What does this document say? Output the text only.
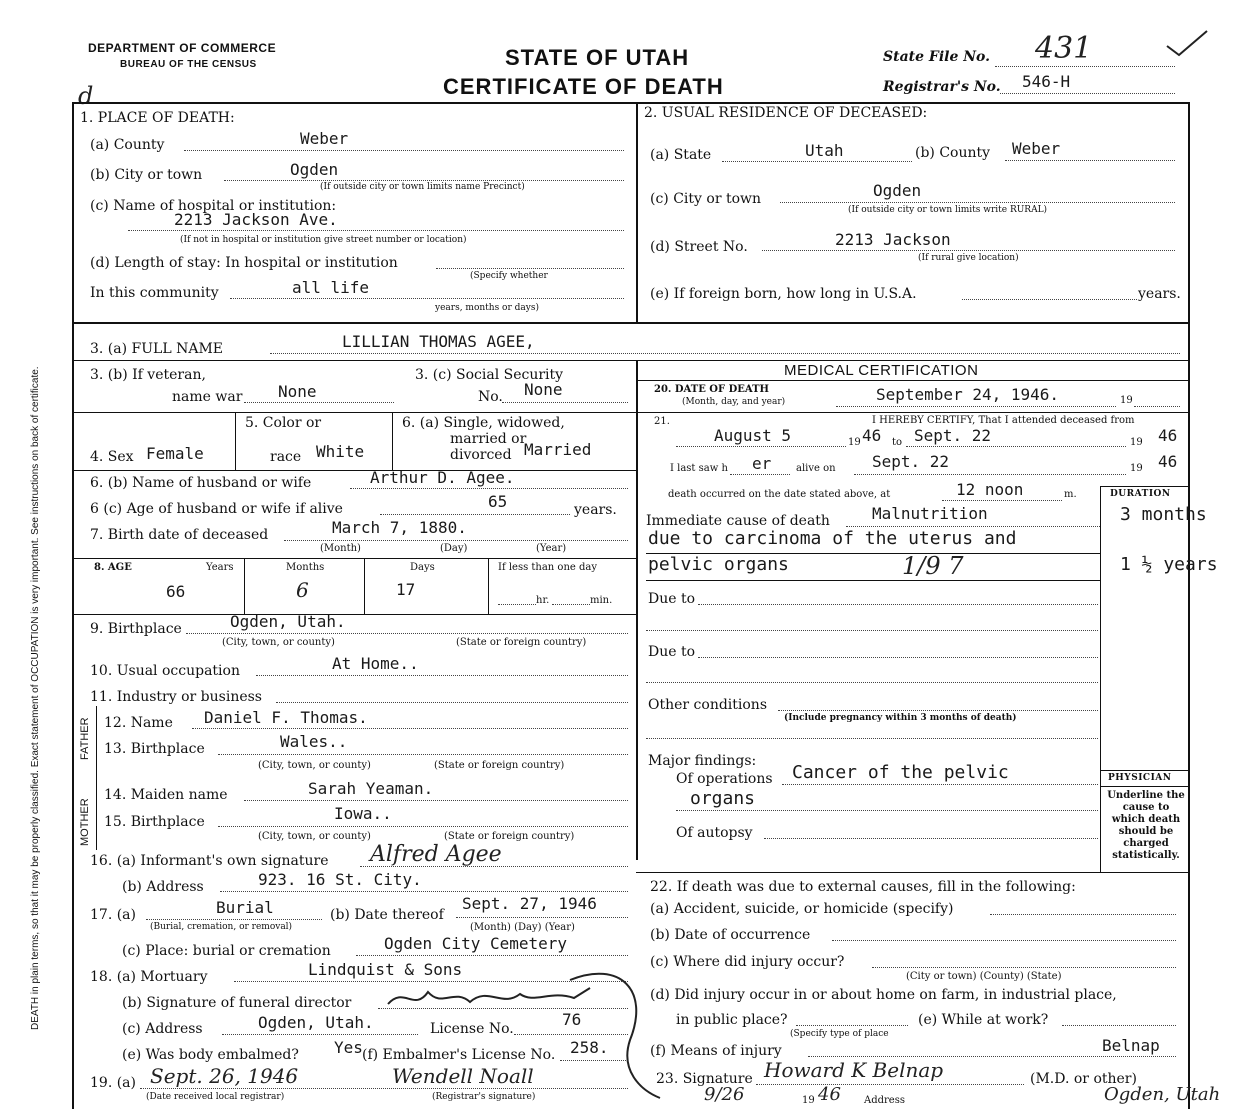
DEPARTMENT OF COMMERCE
BUREAU OF THE CENSUS	STATE OF UTAH
CERTIFICATE OF DEATH
State File No. 431
Registrar's No. 546-H
d
DEATH in plain terms, so that it may be properly classified. Exact statement of OCCUPATION is very important. See instructions on back of certificate.
1. PLACE OF DEATH:
(a) County	Weber
(b) City or town	Ogden
(If outside city or town limits name Precinct)
(c) Name of hospital or institution:
2213 Jackson Ave.
(If not in hospital or institution give street number or location)
(d) Length of stay: In hospital or institution
(Specify whether
In this community	all life
years, months or days)
2. USUAL RESIDENCE OF DECEASED:
(a) State	Utah	(b) County Weber
(c) City or town	Ogden
(If outside city or town limits write RURAL)
(d) Street No.	2213 Jackson
(If rural give location)
(e) If foreign born, how long in U.S.A.	years.
3. (a) FULL NAME	LILLIAN THOMAS AGEE,
3. (b) If veteran,
name war None
3. (c) Social Security
No. None
5. Color or
race White
6. (a) Single, widowed,
married or
divorced Married
4. Sex Female
6. (b) Name of husband or wife	Arthur D. Agee.
6 (c) Age of husband or wife if alive	65	years.
7. Birth date of deceased	March 7, 1880.
(Month)	(Day)	(Year)
8. AGE	Years	Months	Days	If less than one day
66	6	17
hr.	min.
9. Birthplace	Ogden, Utah.
(City, town, or county)	(State or foreign country)
10. Usual occupation	At Home..
11. Industry or business
FATHER
MOTHER
12. Name Daniel F. Thomas.
13. Birthplace	Wales..
(City, town, or county)	(State or foreign country)
14. Maiden name	Sarah Yeaman.
15. Birthplace	Iowa..
(City, town, or county)	(State or foreign country)
16. (a) Informant's own signature Alfred Agee
(b) Address	923. 16 St. City.
17. (a)	Burial
(Burial, cremation, or removal)
(b) Date thereof
Sept. 27, 1946
(Month) (Day) (Year)
(c) Place: burial or cremation	Ogden City Cemetery
18. (a) Mortuary	Lindquist & Sons
(b) Signature of funeral director
(c) Address	Ogden, Utah.	License No.	76
(e) Was body embalmed? Yes (f) Embalmer's License No. 258.
19. (a) Sept. 26, 1946	Wendell Noall
(Date received local registrar)	(Registrar's signature)
MEDICAL CERTIFICATION
20. DATE OF DEATH
(Month, day, and year)	September 24, 1946.	19
21.	I HEREBY CERTIFY, That I attended deceased from
August 5	19 46 to Sept. 22	19 46
I last saw h er alive on Sept. 22	19 46
death occurred on the date stated above, at	12 noon	m.	DURATION
Immediate cause of death	Malnutrition	3 months
due to carcinoma of the uterus and
pelvic organs	1/9 7	1 ½ years
Due to
Due to
Other conditions
(Include pregnancy within 3 months of death)
Major findings:
Of operations Cancer of the pelvic
organs
Of autopsy
PHYSICIAN
Underline the cause to which death should be charged statistically.
22. If death was due to external causes, fill in the following:
(a) Accident, suicide, or homicide (specify)
(b) Date of occurrence
(c) Where did injury occur?
(City or town) (County) (State)
(d) Did injury occur in or about home on farm, in industrial place,
in public place?
(Specify type of place
(e) While at work?
(f) Means of injury	Belnap
23. Signature Howard K Belnap	(M.D. or other)
9/26	19 46 Address	Ogden, Utah
